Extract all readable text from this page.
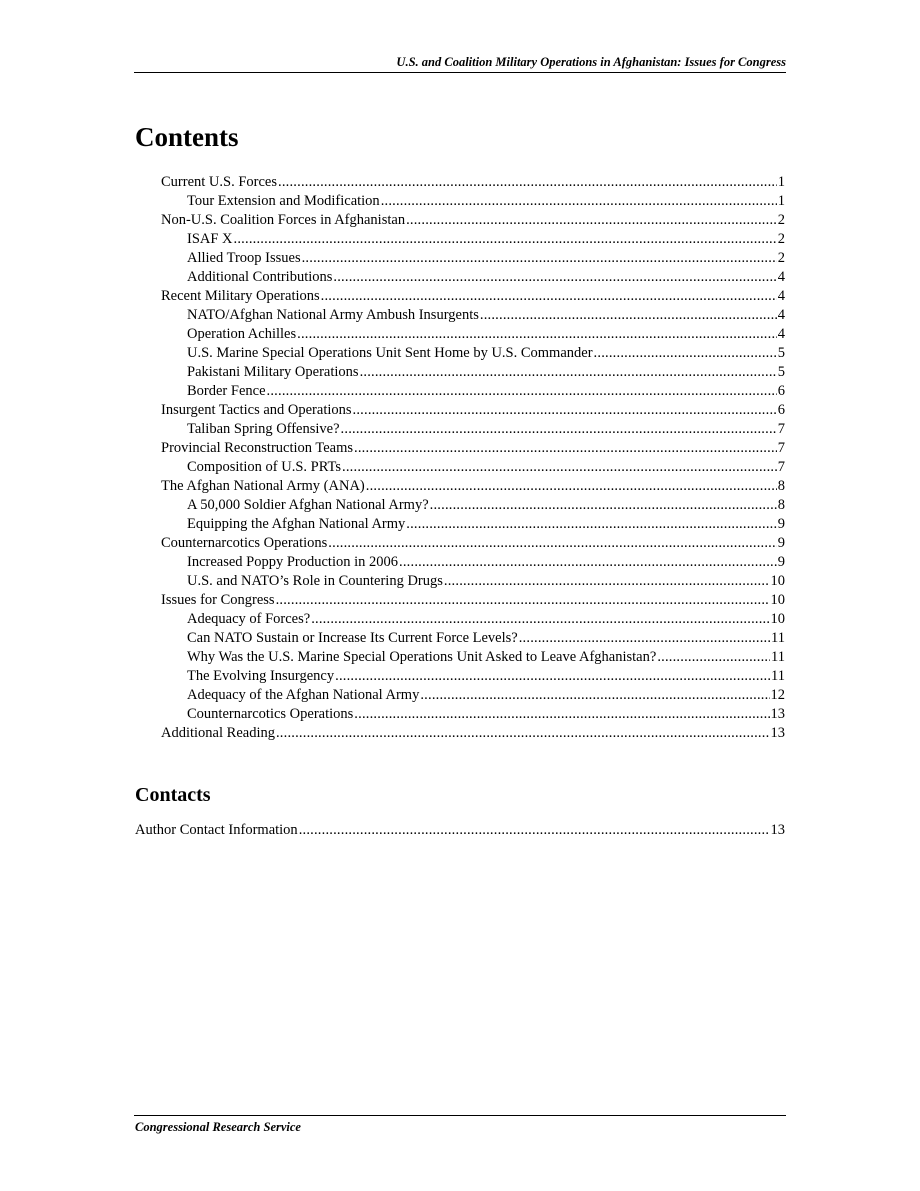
U.S. and Coalition Military Operations in Afghanistan: Issues for Congress
Contents
Current U.S. Forces .....	1
Tour Extension and Modification .....	1
Non-U.S. Coalition Forces in Afghanistan .....	2
ISAF X .....	2
Allied Troop Issues .....	2
Additional Contributions .....	4
Recent Military Operations .....	4
NATO/Afghan National Army Ambush Insurgents .....	4
Operation Achilles .....	4
U.S. Marine Special Operations Unit Sent Home by U.S. Commander .....	5
Pakistani Military Operations .....	5
Border Fence .....	6
Insurgent Tactics and Operations .....	6
Taliban Spring Offensive? .....	7
Provincial Reconstruction Teams .....	7
Composition of U.S. PRTs .....	7
The Afghan National Army (ANA) .....	8
A 50,000 Soldier Afghan National Army? .....	8
Equipping the Afghan National Army .....	9
Counternarcotics Operations .....	9
Increased Poppy Production in 2006 .....	9
U.S. and NATO’s Role in Countering Drugs .....	10
Issues for Congress .....	10
Adequacy of Forces? .....	10
Can NATO Sustain or Increase Its Current Force Levels? .....	11
Why Was the U.S. Marine Special Operations Unit Asked to Leave Afghanistan? .....	11
The Evolving Insurgency .....	11
Adequacy of the Afghan National Army .....	12
Counternarcotics Operations .....	13
Additional Reading .....	13
Contacts
Author Contact Information .....	13
Congressional Research Service
